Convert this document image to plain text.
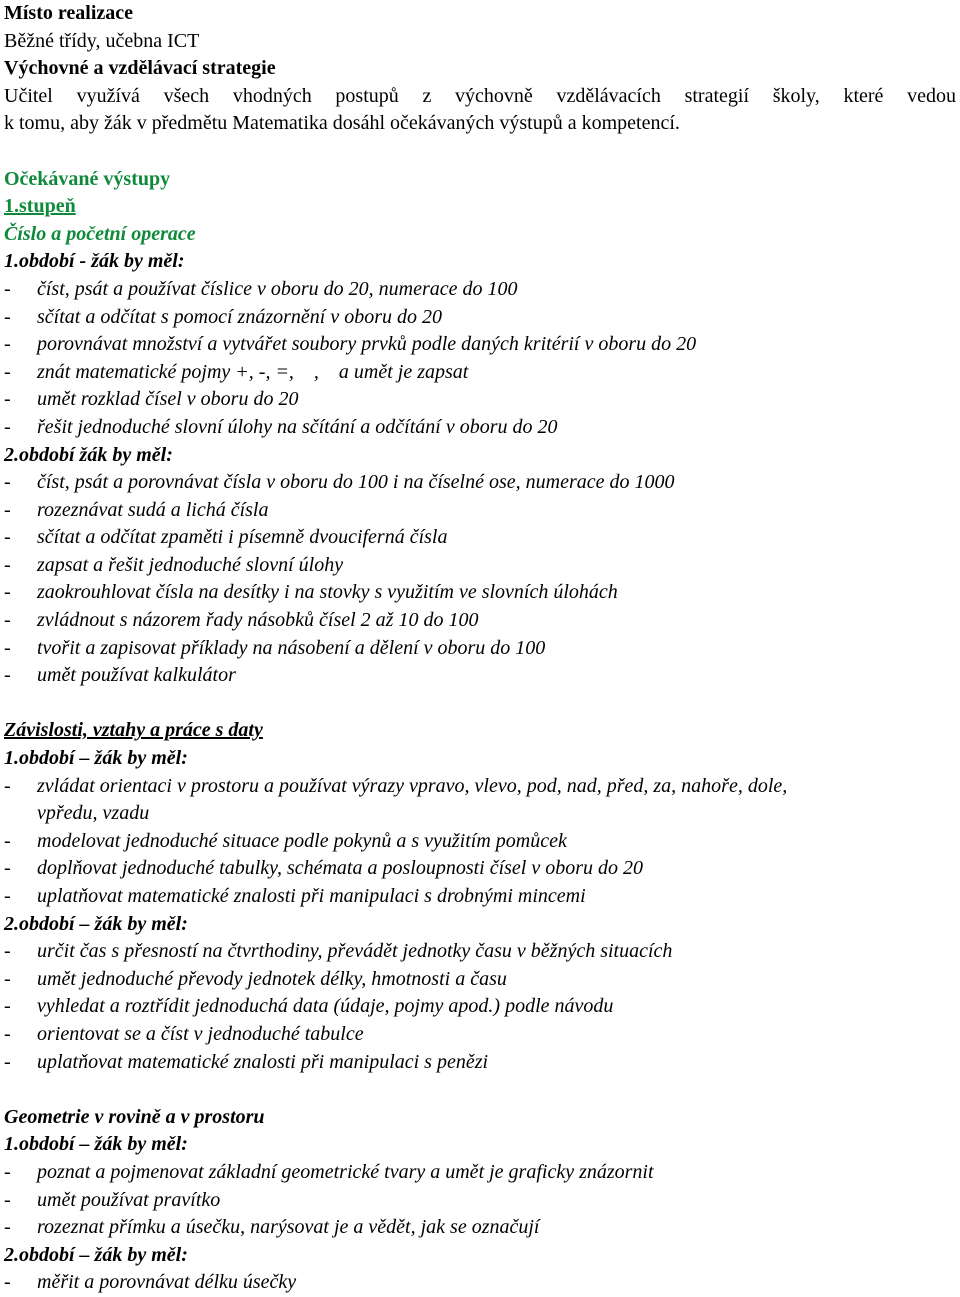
Místo realizace
Běžné třídy, učebna ICT
Výchovné a vzdělávací strategie
Učitel využívá všech vhodných postupů z výchovně vzdělávacích strategií školy, které vedou
k tomu, aby žák v předmětu Matematika dosáhl očekávaných výstupů a kompetencí.
Očekávané výstupy
1.stupeň
Číslo a početní operace
1.období - žák by měl:
-	číst, psát a používat číslice v oboru do 20, numerace do 100
-	sčítat a odčítat s pomocí znázornění v oboru do 20
-	porovnávat množství a vytvářet soubory prvků podle daných kritérií v oboru do 20
-	znát matematické pojmy +, -, =,    ,    a umět je zapsat
-	umět rozklad čísel v oboru do 20
-	řešit jednoduché slovní úlohy na sčítání a odčítání v oboru do 20
2.období žák by měl:
-	číst, psát a porovnávat čísla v oboru do 100 i na číselné ose, numerace do 1000
-	rozeznávat sudá a lichá čísla
-	sčítat a odčítat zpaměti i písemně dvouciferná čísla
-	zapsat a řešit jednoduché slovní úlohy
-	zaokrouhlovat čísla na desítky i na stovky s využitím ve slovních úlohách
-	zvládnout s názorem řady násobků čísel 2 až 10 do 100
-	tvořit a zapisovat příklady na násobení a dělení v oboru do 100
-	umět používat kalkulátor
Závislosti, vztahy a práce s daty
1.období – žák by měl:
-	zvládat orientaci v prostoru a používat výrazy vpravo, vlevo, pod, nad, před, za, nahoře, dole,
vpředu, vzadu
-	modelovat jednoduché situace podle pokynů a s využitím pomůcek
-	doplňovat jednoduché tabulky, schémata a posloupnosti čísel v oboru do 20
-	uplatňovat matematické znalosti při manipulaci s drobnými mincemi
2.období – žák by měl:
-	určit čas s přesností na čtvrthodiny, převádět jednotky času v běžných situacích
-	umět jednoduché převody jednotek délky, hmotnosti a času
-	vyhledat a roztřídit jednoduchá data (údaje, pojmy apod.) podle návodu
-	orientovat se a číst v jednoduché tabulce
-	uplatňovat matematické znalosti při manipulaci s penězi
Geometrie v rovině a v prostoru
1.období – žák by měl:
-	poznat a pojmenovat základní geometrické tvary a umět je graficky znázornit
-	umět používat pravítko
-	rozeznat přímku a úsečku, narýsovat je a vědět, jak se označují
2.období – žák by měl:
-	měřit a porovnávat délku úsečky
